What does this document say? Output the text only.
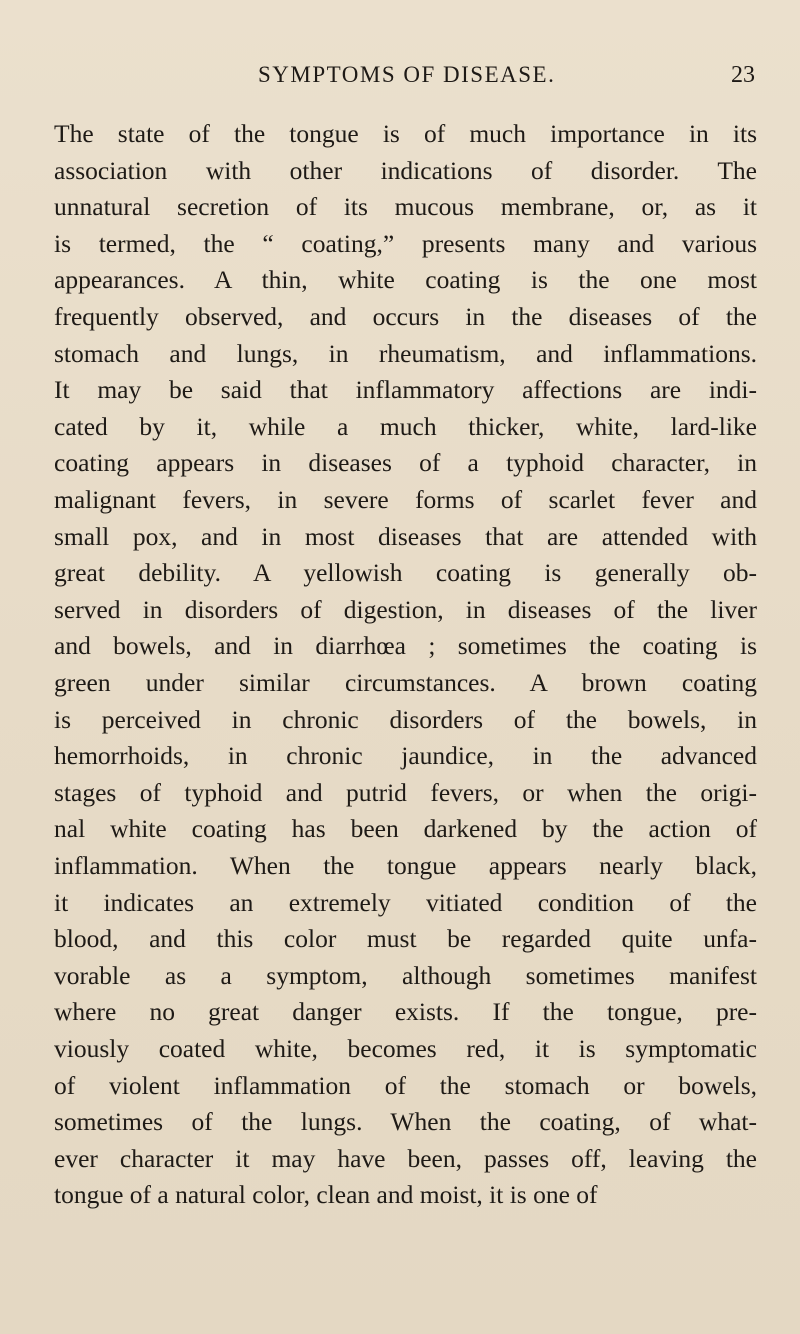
SYMPTOMS OF DISEASE.	23
The state of the tongue is of much importance in its
association with other indications of disorder. The
unnatural secretion of its mucous membrane, or, as it
is termed, the “ coating,” presents many and various
appearances. A thin, white coating is the one most
frequently observed, and occurs in the diseases of the
stomach and lungs, in rheumatism, and inflammations.
It may be said that inflammatory affections are indi-
cated by it, while a much thicker, white, lard-like
coating appears in diseases of a typhoid character, in
malignant fevers, in severe forms of scarlet fever and
small pox, and in most diseases that are attended with
great debility. A yellowish coating is generally ob-
served in disorders of digestion, in diseases of the liver
and bowels, and in diarrhœa ; sometimes the coating is
green under similar circumstances. A brown coating
is perceived in chronic disorders of the bowels, in
hemorrhoids, in chronic jaundice, in the advanced
stages of typhoid and putrid fevers, or when the origi-
nal white coating has been darkened by the action of
inflammation. When the tongue appears nearly black,
it indicates an extremely vitiated condition of the
blood, and this color must be regarded quite unfa-
vorable as a symptom, although sometimes manifest
where no great danger exists. If the tongue, pre-
viously coated white, becomes red, it is symptomatic
of violent inflammation of the stomach or bowels,
sometimes of the lungs. When the coating, of what-
ever character it may have been, passes off, leaving the
tongue of a natural color, clean and moist, it is one of
